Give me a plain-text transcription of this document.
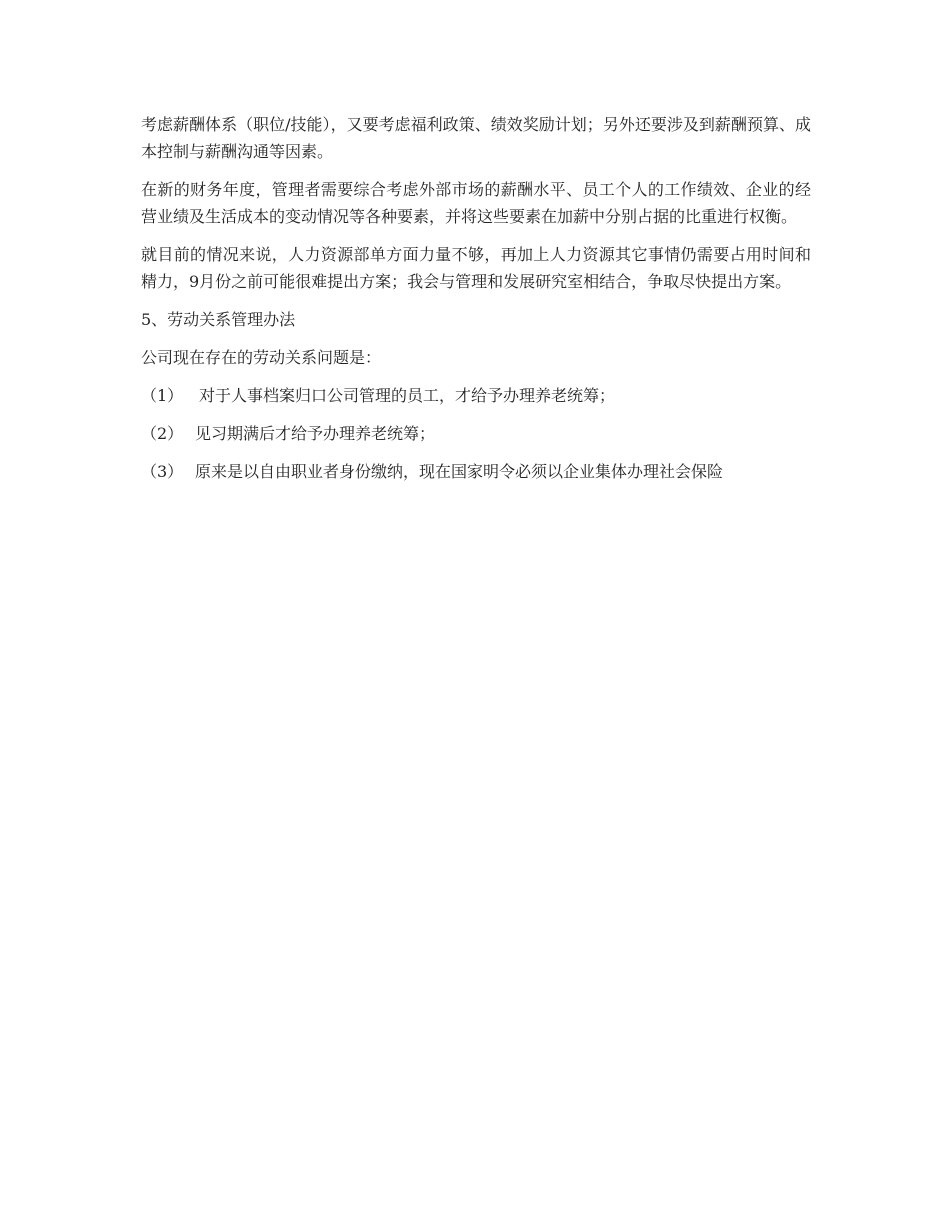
考虑薪酬体系（职位/技能），又要考虑福利政策、绩效奖励计划；另外还要涉及到薪酬预算、成本控制与薪酬沟通等因素。

在新的财务年度，管理者需要综合考虑外部市场的薪酬水平、员工个人的工作绩效、企业的经营业绩及生活成本的变动情况等各种要素，并将这些要素在加薪中分别占据的比重进行权衡。

就目前的情况来说，人力资源部单方面力量不够，再加上人力资源其它事情仍需要占用时间和精力，9月份之前可能很难提出方案；我会与管理和发展研究室相结合，争取尽快提出方案。

5、劳动关系管理办法

公司现在存在的劳动关系问题是：

（1） 对于人事档案归口公司管理的员工，才给予办理养老统筹；
（2） 见习期满后才给予办理养老统筹；
（3） 原来是以自由职业者身份缴纳，现在国家明令必须以企业集体办理社会保险
